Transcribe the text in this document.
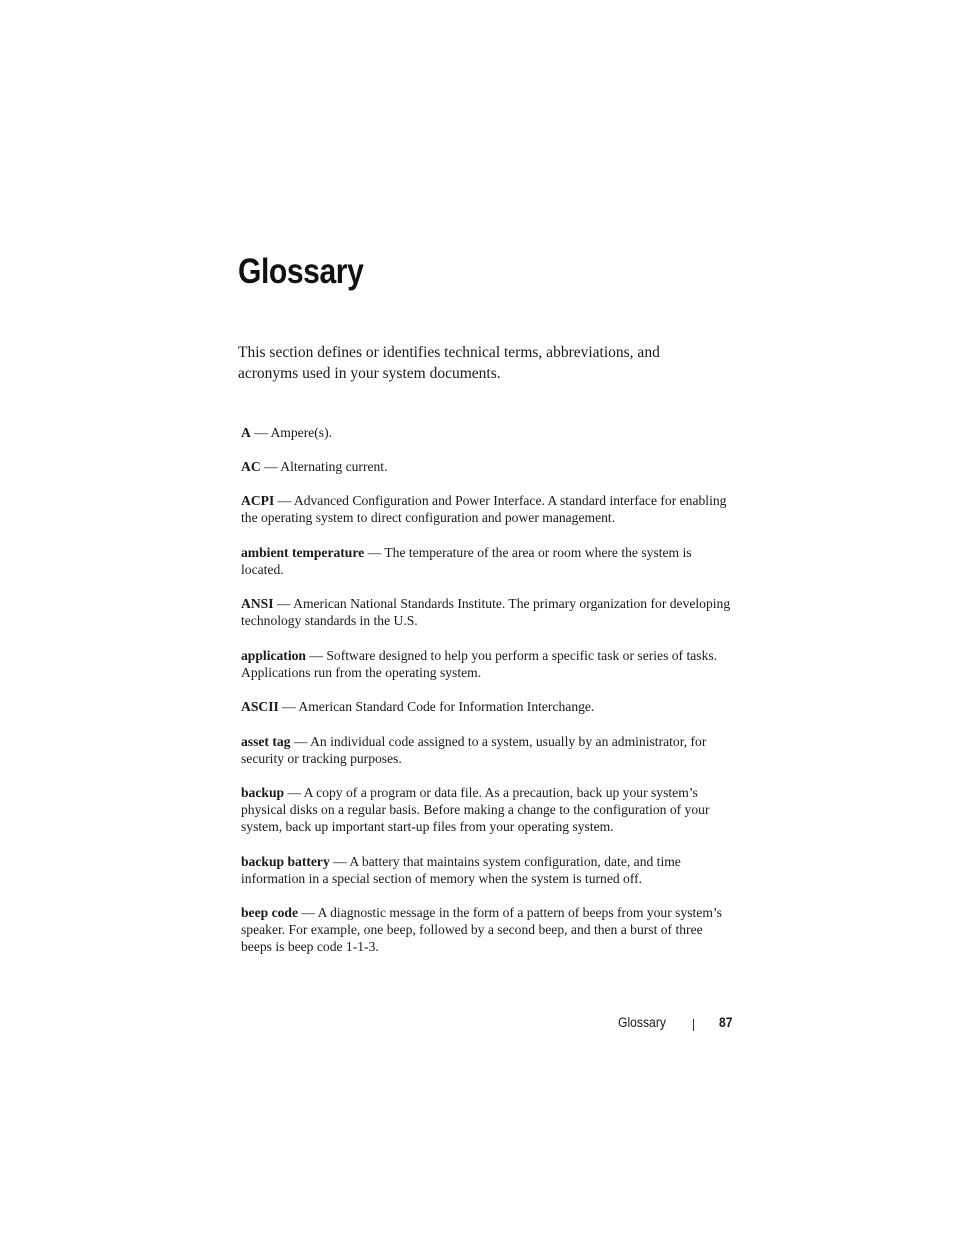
Glossary

This section defines or identifies technical terms, abbreviations, and acronyms used in your system documents.

A — Ampere(s).

AC — Alternating current.

ACPI — Advanced Configuration and Power Interface. A standard interface for enabling the operating system to direct configuration and power management.

ambient temperature — The temperature of the area or room where the system is located.

ANSI — American National Standards Institute. The primary organization for developing technology standards in the U.S.

application — Software designed to help you perform a specific task or series of tasks. Applications run from the operating system.

ASCII — American Standard Code for Information Interchange.

asset tag — An individual code assigned to a system, usually by an administrator, for security or tracking purposes.

backup — A copy of a program or data file. As a precaution, back up your system’s physical disks on a regular basis. Before making a change to the configuration of your system, back up important start-up files from your operating system.

backup battery — A battery that maintains system configuration, date, and time information in a special section of memory when the system is turned off.

beep code — A diagnostic message in the form of a pattern of beeps from your system’s speaker. For example, one beep, followed by a second beep, and then a burst of three beeps is beep code 1-1-3.

Glossary	87
